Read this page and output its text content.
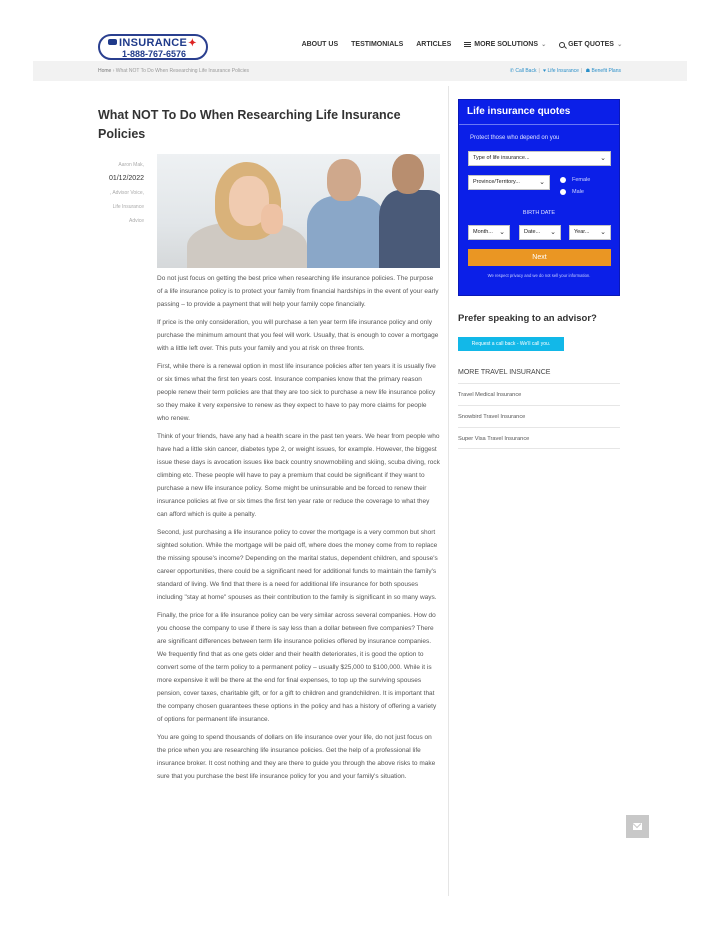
INSURANCE✦
1-888-767-6576
ABOUT US TESTIMONIALS ARTICLES	MORE SOLUTIONS ⌄	GET QUOTES ⌄
Home › What NOT To Do When Researching Life Insurance Policies	✆ Call Back | ♥ Life Insurance | ☗ Benefit Plans
What NOT To Do When Researching Life Insurance Policies
Aaron Mak,
01/12/2022
, Advisor Voice,
Life Insurance
Advice

Do not just focus on getting the best price when researching life insurance policies. The purpose of a life insurance policy is to protect your family from financial hardships in the event of your early passing – to provide a payment that will help your family cope financially.

If price is the only consideration, you will purchase a ten year term life insurance policy and only purchase the minimum amount that you feel will work. Usually, that is enough to cover a mortgage with a little left over. This puts your family and you at risk on three fronts.

First, while there is a renewal option in most life insurance policies after ten years it is usually five or six times what the first ten years cost. Insurance companies know that the primary reason people renew their term policies are that they are too sick to purchase a new life insurance policy so they make it very expensive to renew as they expect to have to pay more claims for people who renew.

Think of your friends, have any had a health scare in the past ten years. We hear from people who have had a little skin cancer, diabetes type 2, or weight issues, for example. However, the biggest issue these days is avocation issues like back country snowmobiling and skiing, scuba diving, rock climbing etc. These people will have to pay a premium that could be significant if they want to purchase a new life insurance policy. Some might be uninsurable and be forced to renew their insurance policies at five or six times the first ten year rate or reduce the coverage to what they can afford which is quite a penalty.

Second, just purchasing a life insurance policy to cover the mortgage is a very common but short sighted solution. While the mortgage will be paid off, where does the money come from to replace the missing spouse's income? Depending on the marital status, dependent children, and spouse's career opportunities, there could be a significant need for additional funds to maintain the family's standard of living. We find that there is a need for additional life insurance for both spouses including "stay at home" spouses as their contribution to the family is significant in so many ways.

Finally, the price for a life insurance policy can be very similar across several companies. How do you choose the company to use if there is say less than a dollar between five companies? There are significant differences between term life insurance policies offered by insurance companies. We frequently find that as one gets older and their health deteriorates, it is good the option to convert some of the term policy to a permanent policy – usually $25,000 to $100,000. While it is more expensive it will be there at the end for final expenses, to top up the surviving spouses pension, cover taxes, charitable gift, or for a gift to children and grandchildren. It is important that the company chosen guarantees these options in the policy and has a history of offering a variety of options for permanent life insurance.

You are going to spend thousands of dollars on life insurance over your life, do not just focus on the price when you are researching life insurance policies. Get the help of a professional life insurance broker. It cost nothing and they are there to guide you through the above risks to make sure that you purchase the best life insurance policy for you and your family's situation.

Life insurance quotes
Protect those who depend on you
Type of life insurance...	⌄
Province/Territory...	⌄	Female
Male
BIRTH DATE
Month... ⌄	Date... ⌄	Year... ⌄
Next
We respect privacy and we do not sell your information.
Prefer speaking to an advisor?
Request a call back - We'll call you.
MORE TRAVEL INSURANCE
Travel Medical Insurance
Snowbird Travel Insurance
Super Visa Travel Insurance
